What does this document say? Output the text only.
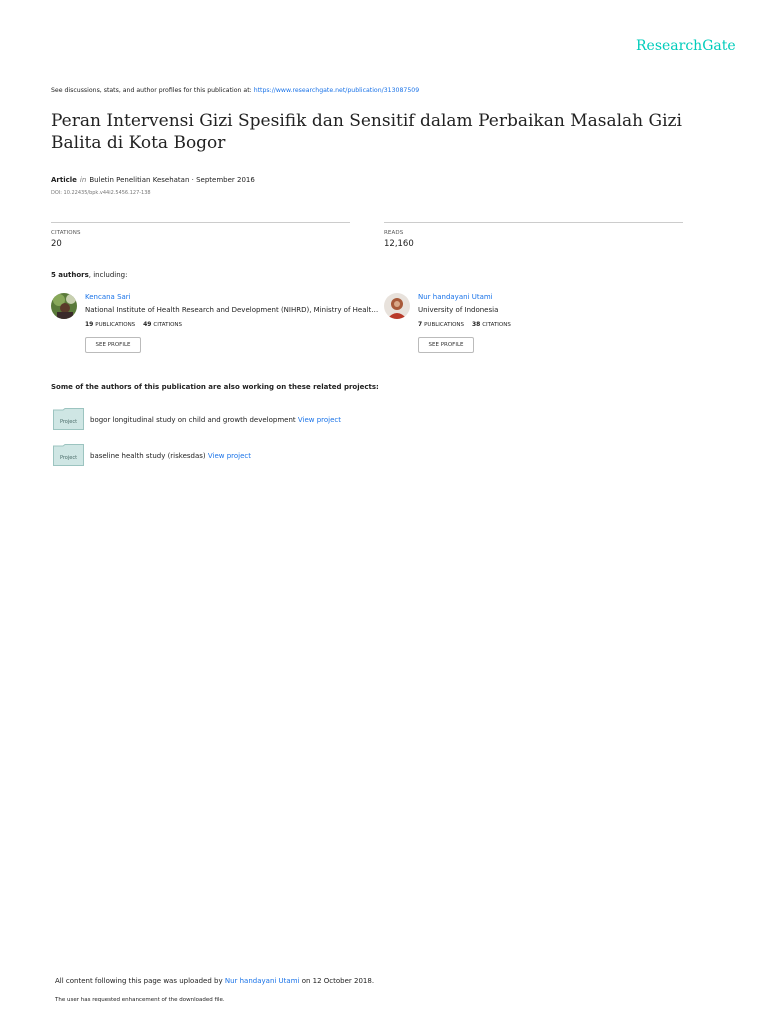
ResearchGate
See discussions, stats, and author profiles for this publication at: https://www.researchgate.net/publication/313087509
Peran Intervensi Gizi Spesifik dan Sensitif dalam Perbaikan Masalah Gizi
Balita di Kota Bogor
Article in Buletin Penelitian Kesehatan · September 2016
DOI: 10.22435/bpk.v44i2.5456.127-138
CITATIONS
20
READS
12,160
5 authors, including:
Kencana Sari
National Institute of Health Research and Development (NIHRD), Ministry of Healt…
19 PUBLICATIONS 49 CITATIONS
SEE PROFILE
Nur handayani Utami
University of Indonesia
7 PUBLICATIONS 38 CITATIONS
SEE PROFILE
Some of the authors of this publication are also working on these related projects:
Project bogor longitudinal study on child and growth development View project
Project baseline health study (riskesdas) View project
All content following this page was uploaded by Nur handayani Utami on 12 October 2018.
The user has requested enhancement of the downloaded file.
